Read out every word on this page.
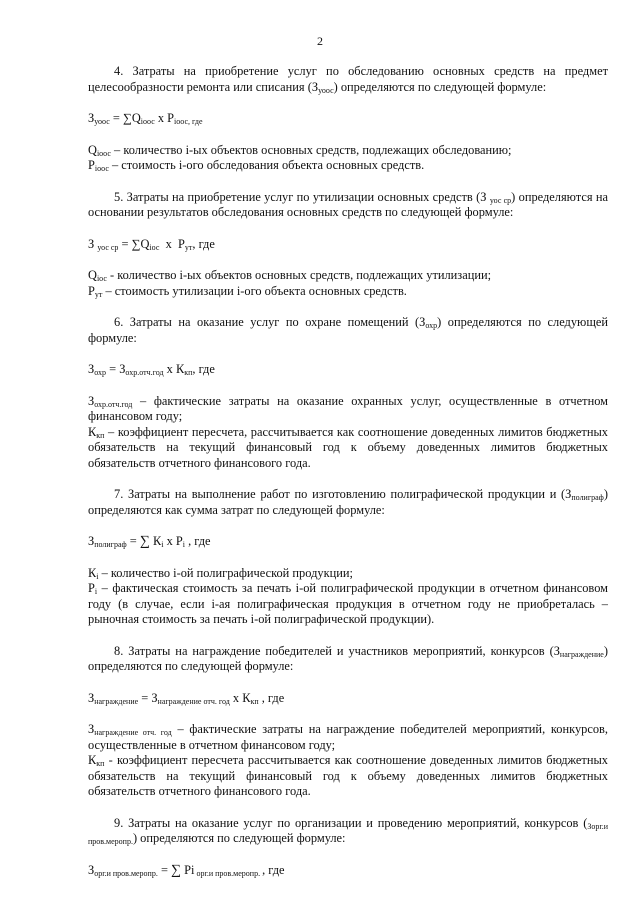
2

4. Затраты на приобретение услуг по обследованию основных средств на предмет целесообразности ремонта или списания $(З_{уоос})$ определяются по следующей формуле:

$З_{уоос} = \sum Q_{iоос}$ х $P_{iоос, где}$

$Q_{iоос}$ – количество i-ых объектов основных средств, подлежащих обследованию;

$P_{iоос}$ – стоимость i-ого обследования объекта основных средств.

5. Затраты на приобретение услуг по утилизации основных средств (З $_{уос ср}$) определяются на основании результатов обследования основных средств по следующей формуле:

З $_{уос ср} = \sum Q_{iос}$  х  $P_{ут}$, где

$Q_{iос}$ - количество i-ых объектов основных средств, подлежащих утилизации;

$P_{ут}$ – стоимость утилизации i-ого объекта основных средств.

6. Затраты на оказание услуг по охране помещений $(З_{охр})$ определяются по следующей формуле:

$З_{охр} = З_{охр.отч.год}$ х $К_{кп}$, где

$З_{охр.отч.год}$ – фактические затраты на оказание охранных услуг, осуществленные в отчетном финансовом году;

$К_{кп}$ – коэффициент пересчета, рассчитывается как соотношение доведенных лимитов бюджетных обязательств на текущий финансовый год к объему доведенных лимитов бюджетных обязательств отчетного финансового года.

7. Затраты на выполнение работ по изготовлению полиграфической продукции и $(З_{полиграф})$ определяются как сумма затрат по следующей формуле:

$З_{полиграф}$ = ∑ $К_i$ х $P_i$ , где

$К_i$ – количество i-ой полиграфической продукции;

$P_i$ – фактическая стоимость за печать i-ой полиграфической продукции в отчетном финансовом году (в случае, если i-ая полиграфическая продукция в отчетном году не приобреталась – рыночная стоимость за печать i-ой полиграфической продукции).

8. Затраты на награждение победителей и участников мероприятий, конкурсов $(З_{награждение})$ определяются по следующей формуле:

$З_{награждение} = З_{награждение отч. год}$ х $К_{кп}$ , где

$З_{награждение отч. год}$ – фактические затраты на награждение победителей мероприятий, конкурсов, осуществленные в отчетном финансовом году;

$К_{кп}$ - коэффициент пересчета рассчитывается как соотношение доведенных лимитов бюджетных обязательств на текущий финансовый год к объему доведенных лимитов бюджетных обязательств отчетного финансового года.

9. Затраты на оказание услуг по организации и проведению мероприятий, конкурсов $(_{Зорг.и пров.меропр.})$ определяются по следующей формуле:

$З_{орг.и пров.меропр.}$ = ∑ Pi $_{орг.и пров.меропр.}$ , где
